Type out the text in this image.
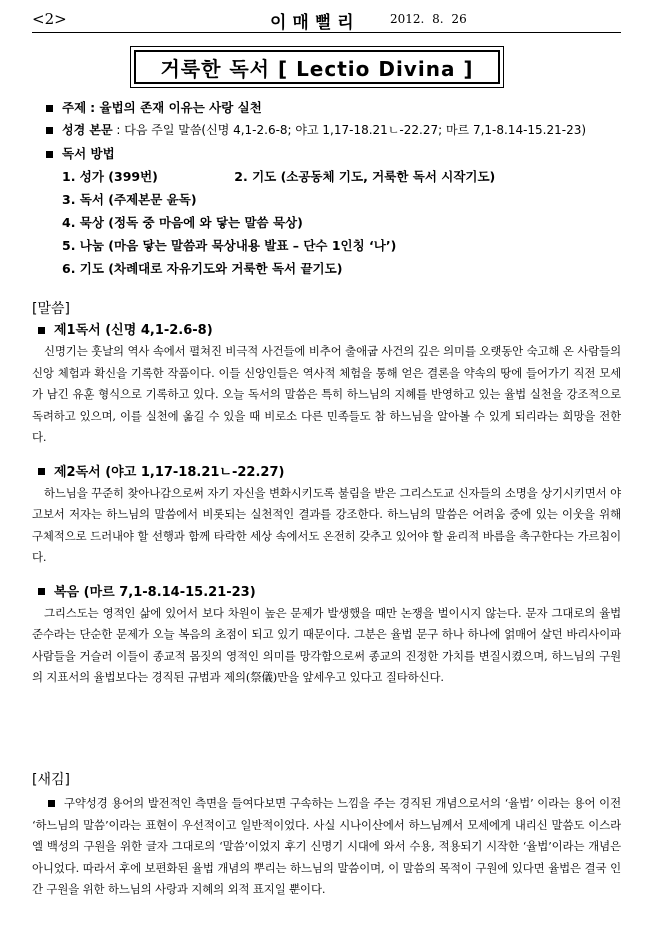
<2>	이매뻘리	2012. 8. 26
거룩한 독서 [ Lectio Divina ]
주제 : 율법의 존재 이유는 사랑 실천
성경 본문 : 다음 주일 말씀(신명 4,1-2.6-8; 야고 1,17-18.21ㄴ-22.27; 마르 7,1-8.14-15.21-23)
독서 방법
1. 성가 (399번)	2. 기도 (소공동체 기도, 거룩한 독서 시작기도)
3. 독서 (주제본문 윤독)
4. 묵상 (정독 중 마음에 와 닿는 말씀 묵상)
5. 나눔 (마음 닿는 말씀과 묵상내용 발표 – 단수 1인칭 ‘나’)
6. 기도 (차례대로 자유기도와 거룩한 독서 끝기도)
[말씀]
제1독서 (신명 4,1-2.6-8)
신명기는 훗날의 역사 속에서 펼쳐진 비극적 사건들에 비추어 출애굽 사건의 깊은 의미를 오랫동안 숙고해 온 사람들의 신앙 체험과 확신을 기록한 작품이다. 이들 신앙인들은 역사적 체험을 통해 얻은 결론을 약속의 땅에 들어가기 직전 모세가 남긴 유훈 형식으로 기록하고 있다. 오늘 독서의 말씀은 특히 하느님의 지혜를 반영하고 있는 율법 실천을 강조적으로 독려하고 있으며, 이를 실천에 옮길 수 있을 때 비로소 다른 민족들도 참 하느님을 알아볼 수 있게 되리라는 희망을 전한다.
제2독서 (야고 1,17-18.21ㄴ-22.27)
하느님을 꾸준히 찾아나감으로써 자기 자신을 변화시키도록 불림을 받은 그리스도교 신자들의 소명을 상기시키면서 야고보서 저자는 하느님의 말씀에서 비롯되는 실천적인 결과를 강조한다. 하느님의 말씀은 어려움 중에 있는 이웃을 위해 구체적으로 드러내야 할 선행과 함께 타락한 세상 속에서도 온전히 갖추고 있어야 할 윤리적 바름을 촉구한다는 가르침이다.
복음 (마르 7,1-8.14-15.21-23)
그리스도는 영적인 삶에 있어서 보다 차원이 높은 문제가 발생했을 때만 논쟁을 벌이시지 않는다. 문자 그대로의 율법 준수라는 단순한 문제가 오늘 복음의 초점이 되고 있기 때문이다. 그분은 율법 문구 하나 하나에 얽매어 살던 바리사이파 사람들을 거슬러 이들이 종교적 몸짓의 영적인 의미를 망각함으로써 종교의 진정한 가치를 변질시켰으며, 하느님의 구원의 지표서의 율법보다는 경직된 규범과 제의(祭儀)만을 앞세우고 있다고 질타하신다.
[새김]
구약성경 용어의 발전적인 측면을 들여다보면 구속하는 느낌을 주는 경직된 개념으로서의 ‘율법’ 이라는 용어 이전 ‘하느님의 말씀’이라는 표현이 우선적이고 일반적이었다. 사실 시나이산에서 하느님께서 모세에게 내리신 말씀도 이스라엘 백성의 구원을 위한 글자 그대로의 ‘말씀’이었지 후기 신명기 시대에 와서 수용, 적용되기 시작한 ‘율법’이라는 개념은 아니었다. 따라서 후에 보편화된 율법 개념의 뿌리는 하느님의 말씀이며, 이 말씀의 목적이 구원에 있다면 율법은 결국 인간 구원을 위한 하느님의 사랑과 지혜의 외적 표지일 뿐이다.
